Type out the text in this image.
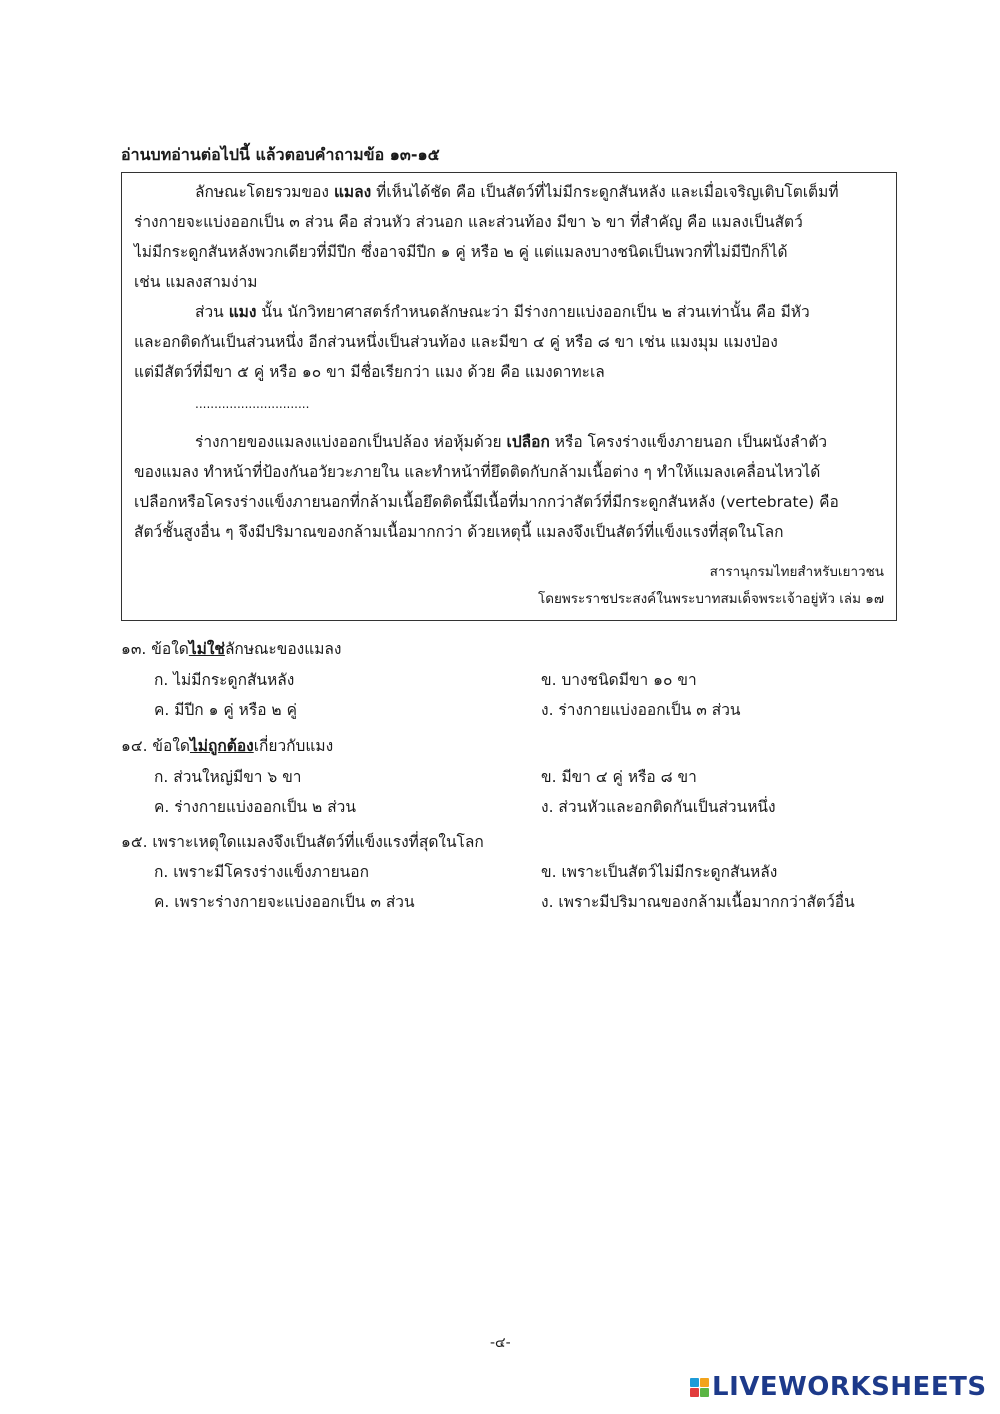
อ่านบทอ่านต่อไปนี้ แล้วตอบคำถามข้อ ๑๓-๑๕
ลักษณะโดยรวมของ แมลง ที่เห็นได้ชัด คือ เป็นสัตว์ที่ไม่มีกระดูกสันหลัง และเมื่อเจริญเติบโตเต็มที่
ร่างกายจะแบ่งออกเป็น ๓ ส่วน คือ ส่วนหัว ส่วนอก และส่วนท้อง มีขา ๖ ขา ที่สำคัญ คือ แมลงเป็นสัตว์
ไม่มีกระดูกสันหลังพวกเดียวที่มีปีก ซึ่งอาจมีปีก ๑ คู่ หรือ ๒ คู่ แต่แมลงบางชนิดเป็นพวกที่ไม่มีปีกก็ได้
เช่น แมลงสามง่าม
ส่วน แมง นั้น นักวิทยาศาสตร์กำหนดลักษณะว่า มีร่างกายแบ่งออกเป็น ๒ ส่วนเท่านั้น คือ มีหัว
และอกติดกันเป็นส่วนหนึ่ง อีกส่วนหนึ่งเป็นส่วนท้อง และมีขา ๔ คู่ หรือ ๘ ขา เช่น แมงมุม แมงป่อง
แต่มีสัตว์ที่มีขา ๕ คู่ หรือ ๑๐ ขา มีชื่อเรียกว่า แมง ด้วย คือ แมงดาทะเล
..............................
ร่างกายของแมลงแบ่งออกเป็นปล้อง ห่อหุ้มด้วย เปลือก หรือ โครงร่างแข็งภายนอก เป็นผนังลำตัว
ของแมลง ทำหน้าที่ป้องกันอวัยวะภายใน และทำหน้าที่ยึดติดกับกล้ามเนื้อต่าง ๆ ทำให้แมลงเคลื่อนไหวได้
เปลือกหรือโครงร่างแข็งภายนอกที่กล้ามเนื้อยึดติดนี้มีเนื้อที่มากกว่าสัตว์ที่มีกระดูกสันหลัง (vertebrate) คือ
สัตว์ชั้นสูงอื่น ๆ จึงมีปริมาณของกล้ามเนื้อมากกว่า ด้วยเหตุนี้ แมลงจึงเป็นสัตว์ที่แข็งแรงที่สุดในโลก
สารานุกรมไทยสำหรับเยาวชน
โดยพระราชประสงค์ในพระบาทสมเด็จพระเจ้าอยู่หัว เล่ม ๑๗
๑๓. ข้อใดไม่ใช่ลักษณะของแมลง
ก. ไม่มีกระดูกสันหลัง	ข. บางชนิดมีขา ๑๐ ขา
ค. มีปีก ๑ คู่ หรือ ๒ คู่	ง. ร่างกายแบ่งออกเป็น ๓ ส่วน
๑๔. ข้อใดไม่ถูกต้องเกี่ยวกับแมง
ก. ส่วนใหญ่มีขา ๖ ขา	ข. มีขา ๔ คู่ หรือ ๘ ขา
ค. ร่างกายแบ่งออกเป็น ๒ ส่วน	ง. ส่วนหัวและอกติดกันเป็นส่วนหนึ่ง
๑๕. เพราะเหตุใดแมลงจึงเป็นสัตว์ที่แข็งแรงที่สุดในโลก
ก. เพราะมีโครงร่างแข็งภายนอก	ข. เพราะเป็นสัตว์ไม่มีกระดูกสันหลัง
ค. เพราะร่างกายจะแบ่งออกเป็น ๓ ส่วน	ง. เพราะมีปริมาณของกล้ามเนื้อมากกว่าสัตว์อื่น
-๔-
LIVEWORKSHEETS
